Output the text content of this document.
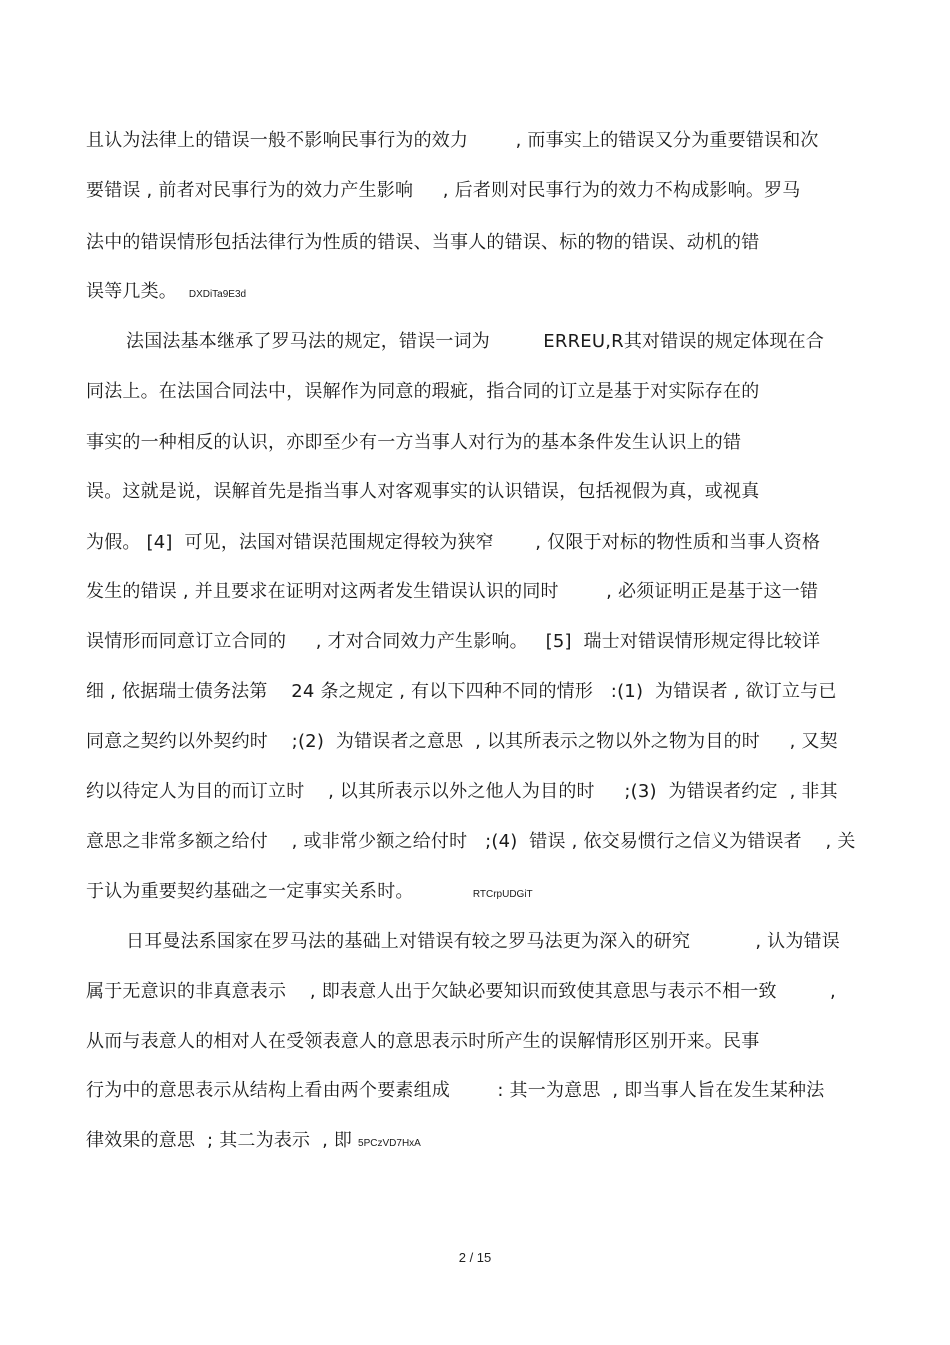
且认为法律上的错误一般不影响民事行为的效力        , 而事实上的错误又分为重要错误和次
要错误 , 前者对民事行为的效力产生影响     , 后者则对民事行为的效力不构成影响。罗马
法中的错误情形包括法律行为性质的错误、当事人的错误、标的物的错误、动机的错
误等几类。  DXDiTa9E3d
法国法基本继承了罗马法的规定，错误一词为         ERREU,R其对错误的规定体现在合
同法上。在法国合同法中，误解作为同意的瑕疵，指合同的订立是基于对实际存在的
事实的一种相反的认识，亦即至少有一方当事人对行为的基本条件发生认识上的错
误。这就是说，误解首先是指当事人对客观事实的认识错误，包括视假为真，或视真
为假。 [4]  可见，法国对错误范围规定得较为狭窄       , 仅限于对标的物性质和当事人资格
发生的错误 , 并且要求在证明对这两者发生错误认识的同时        , 必须证明正是基于这一错
误情形而同意订立合同的     , 才对合同效力产生影响。   [5]  瑞士对错误情形规定得比较详
细 , 依据瑞士债务法第    24 条之规定 , 有以下四种不同的情形   :(1)  为错误者 , 欲订立与已
同意之契约以外契约时    ;(2)  为错误者之意思  , 以其所表示之物以外之物为目的时     , 又契
约以待定人为目的而订立时    , 以其所表示以外之他人为目的时     ;(3)  为错误者约定  , 非其
意思之非常多额之给付    , 或非常少额之给付时   ;(4)  错误 , 依交易惯行之信义为错误者    , 关
于认为重要契约基础之一定事实关系时。          RTCrpUDGiT
日耳曼法系国家在罗马法的基础上对错误有较之罗马法更为深入的研究           , 认为错误
属于无意识的非真意表示    , 即表意人出于欠缺必要知识而致使其意思与表示不相一致         ,
从而与表意人的相对人在受领表意人的意思表示时所产生的误解情形区别开来。民事
行为中的意思表示从结构上看由两个要素组成        : 其一为意思  , 即当事人旨在发生某种法
律效果的意思  ; 其二为表示  , 即 5PCzVD7HxA
2 / 15
